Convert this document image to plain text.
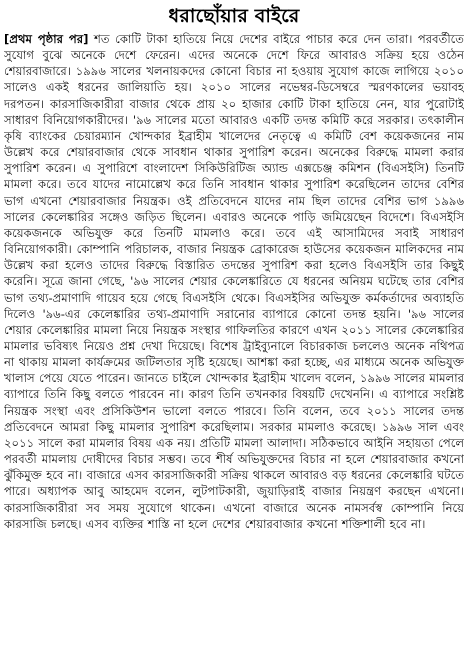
ধরাছোঁয়ার বাইরে
[প্রথম পৃষ্ঠার পর] শত কোটি টাকা হাতিয়ে নিয়ে দেশের বাইরে পাচার করে দেন তারা। পরবর্তীতে সুযোগ বুঝে অনেকে দেশে ফেরেন। এদের অনেকে দেশে ফিরে আবারও সক্রিয় হয়ে ওঠেন শেয়ারবাজারে। ১৯৯৬ সালের খলনায়কদের কোনো বিচার না হওয়ায় সুযোগ কাজে লাগিয়ে ২০১০ সালেও একই ধরনের জালিয়াতি হয়। ২০১০ সালের নভেম্বর-ডিসেম্বরে স্মরণকালের ভয়াবহ দরপতন। কারসাজিকারীরা বাজার থেকে প্রায় ২০ হাজার কোটি টাকা হাতিয়ে নেন, যার পুরোটাই সাধারণ বিনিয়োগকারীদের। '৯৬ সালের মতো আবারও একটি তদন্ত কমিটি করে সরকার। তৎকালীন কৃষি ব্যাংকের চেয়ারম্যান খোন্দকার ইব্রাহীম খালেদের নেতৃত্বে এ কমিটি বেশ কয়েকজনের নাম উল্লেখ করে শেয়ারবাজার থেকে সাবধান থাকার সুপারিশ করেন। অনেকের বিরুদ্ধে মামলা করার সুপারিশ করেন। এ সুপারিশে বাংলাদেশ সিকিউরিটিজ অ্যান্ড এক্সচেঞ্জ কমিশন (বিএসইসি) তিনটি মামলা করে। তবে যাদের নামোল্লেখ করে তিনি সাবধান থাকার সুপারিশ করেছিলেন তাদের বেশির ভাগ এখনো শেয়ারবাজার নিয়ন্ত্রক। ওই প্রতিবেদনে যাদের নাম ছিল তাদের বেশির ভাগ ১৯৯৬ সালের কেলেঙ্কারির সঙ্গেও জড়িত ছিলেন। এবারও অনেকে পাড়ি জমিয়েছেন বিদেশে। বিএসইসি কয়েকজনকে অভিযুক্ত করে তিনটি মামলাও করে। তবে এই আসামিদের সবাই সাধারণ বিনিয়োগকারী। কোম্পানি পরিচালক, বাজার নিয়ন্ত্রক ব্রোকারেজ হাউসের কয়েকজন মালিকদের নাম উল্লেখ করা হলেও তাদের বিরুদ্ধে বিস্তারিত তদন্তের সুপারিশ করা হলেও বিএসইসি তার কিছুই করেনি। সূত্রে জানা গেছে, '৯৬ সালের শেয়ার কেলেঙ্কারিতে যে ধরনের অনিয়ম ঘটেছে তার বেশির ভাগ তথ্য-প্রমাণাদি গায়েব হয়ে গেছে বিএসইসি থেকে। বিএসইসির অভিযুক্ত কর্মকর্তাদের অব্যাহতি দিলেও '৯৬-এর কেলেঙ্কারির তথ্য-প্রমাণাদি সরানোর ব্যাপারে কোনো তদন্ত হয়নি। '৯৬ সালের শেয়ার কেলেঙ্কারির মামলা নিয়ে নিয়ন্ত্রক সংস্থার গাফিলতির কারণে এখন ২০১১ সালের কেলেঙ্কারির মামলার ভবিষ্যৎ নিয়েও প্রশ্ন দেখা দিয়েছে। বিশেষ ট্রাইব্যুনালে বিচারকাজ চললেও অনেক নথিপত্র না থাকায় মামলা কার্যক্রমের জটিলতার সৃষ্টি হয়েছে। আশঙ্কা করা হচ্ছে, এর মাধ্যমে অনেক অভিযুক্ত খালাস পেয়ে যেতে পারেন। জানতে চাইলে খোন্দকার ইব্রাহীম খালেদ বলেন, ১৯৯৬ সালের মামলার ব্যাপারে তিনি কিছু বলতে পারবেন না। কারণ তিনি তখনকার বিষয়টি দেখেননি। এ ব্যাপারে সংশ্লিষ্ট নিয়ন্ত্রক সংস্থা এবং প্রসিকিউশন ভালো বলতে পারবে। তিনি বলেন, তবে ২০১১ সালের তদন্ত প্রতিবেদনে আমরা কিছু মামলার সুপারিশ করেছিলাম। সরকার মামলাও করেছে। ১৯৯৬ সাল এবং ২০১১ সালে করা মামলার বিষয় এক নয়। প্রতিটি মামলা আলাদা। সঠিকভাবে আইনি সহায়তা পেলে পরবর্তী মামলায় দোষীদের বিচার সম্ভব। তবে শীর্ষ অভিযুক্তদের বিচার না হলে শেয়ারবাজার কখনো ঝুঁকিমুক্ত হবে না। বাজারে এসব কারসাজিকারী সক্রিয় থাকলে আবারও বড় ধরনের কেলেঙ্কারি ঘটতে পারে। অধ্যাপক আবু আহমেদ বলেন, লুটপাটকারী, জুয়াড়িরাই বাজার নিয়ন্ত্রণ করছেন এখনো। কারসাজিকারীরা সব সময় সুযোগে থাকেন। এখনো বাজারে অনেক নামসর্বস্ব কোম্পানি নিয়ে কারসাজি চলছে। এসব ব্যক্তির শাস্তি না হলে দেশের শেয়ারবাজার কখনো শক্তিশালী হবে না।
